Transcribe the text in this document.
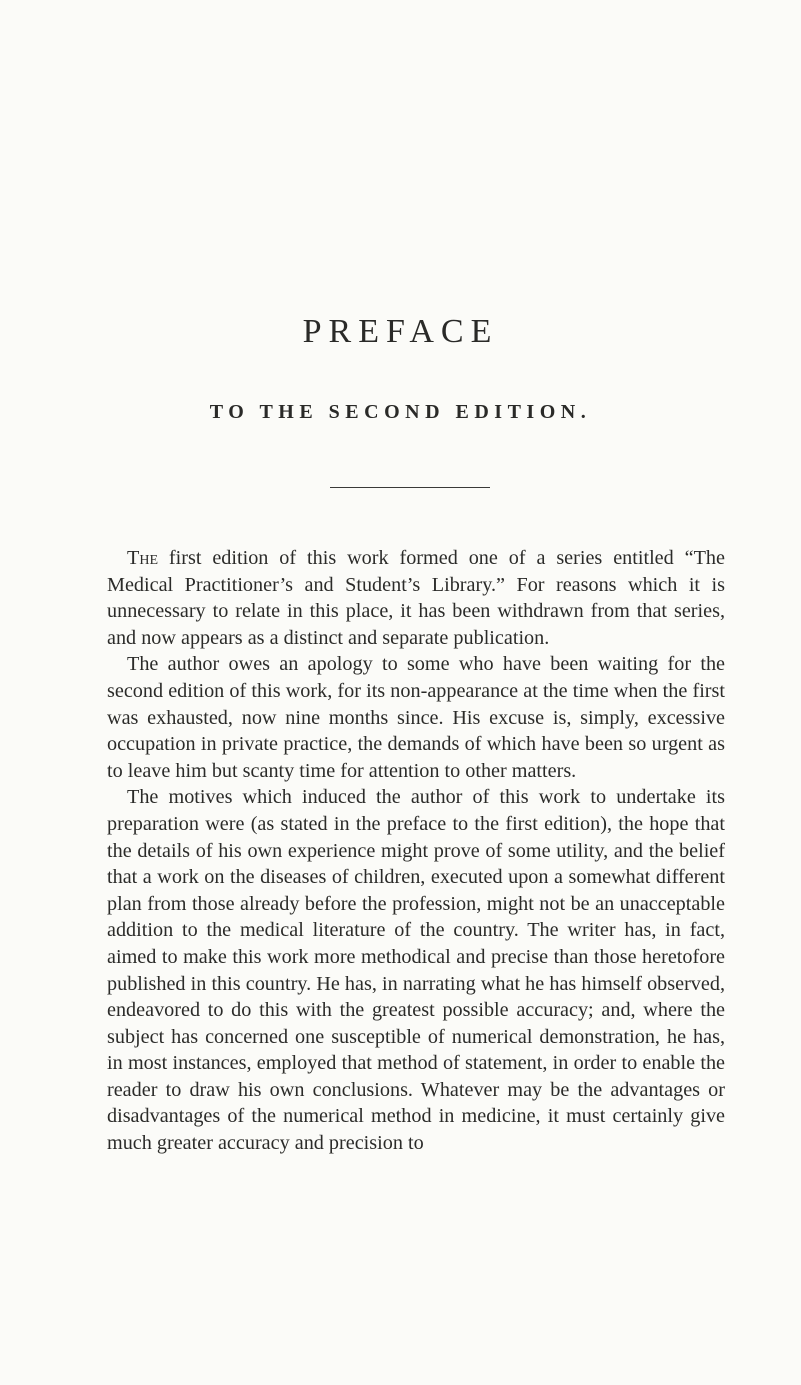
PREFACE
TO THE SECOND EDITION.

The first edition of this work formed one of a series entitled “The Medical Practitioner’s and Student’s Library.” For reasons which it is unnecessary to relate in this place, it has been withdrawn from that series, and now appears as a distinct and separate publication.

The author owes an apology to some who have been waiting for the second edition of this work, for its non-appearance at the time when the first was exhausted, now nine months since. His excuse is, simply, excessive occupation in private practice, the demands of which have been so urgent as to leave him but scanty time for attention to other matters.

The motives which induced the author of this work to undertake its preparation were (as stated in the preface to the first edition), the hope that the details of his own experience might prove of some utility, and the belief that a work on the diseases of children, executed upon a somewhat different plan from those already before the profession, might not be an unacceptable addition to the medical literature of the country. The writer has, in fact, aimed to make this work more methodical and precise than those heretofore published in this country. He has, in narrating what he has himself observed, endeavored to do this with the greatest possible accuracy; and, where the subject has concerned one susceptible of numerical demonstration, he has, in most instances, employed that method of statement, in order to enable the reader to draw his own conclusions. Whatever may be the advantages or disadvantages of the numerical method in medicine, it must certainly give much greater accuracy and precision to
